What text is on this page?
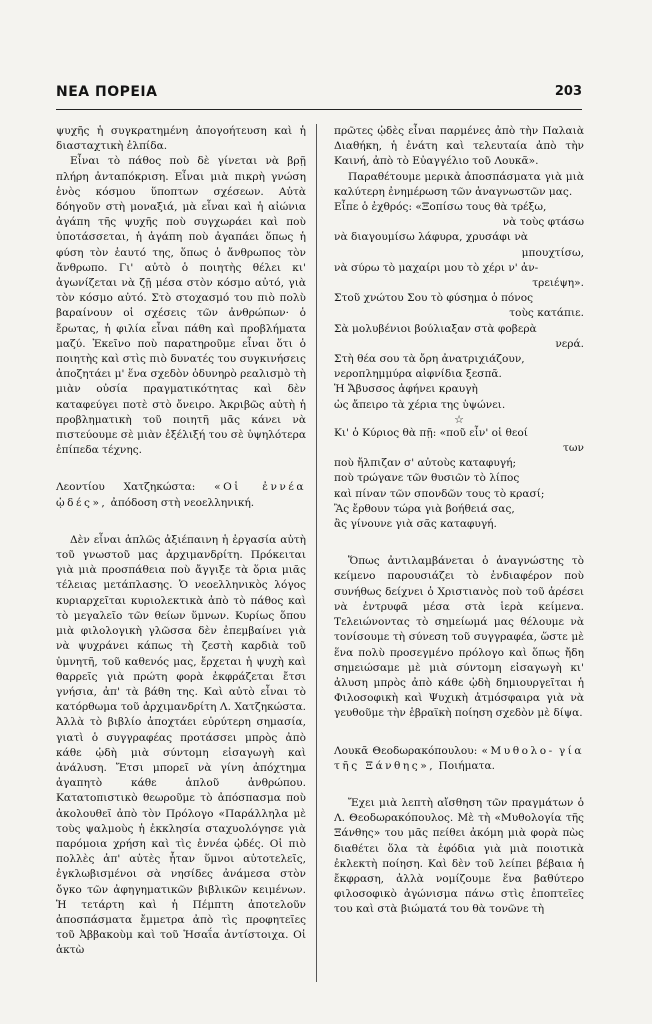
ΝΕΑ ΠΟΡΕΙΑ	203

ψυχῆς ἡ συγκρατημένη ἀπογοήτευση καὶ ἡ διασταχτικὴ ἐλπίδα.

Εἶναι τὸ πάθος ποὺ δὲ γίνεται νὰ βρῇ πλήρη ἀνταπόκριση. Εἶναι μιὰ πικρὴ γνώση ἑνὸς κόσμου ὕποπτων σχέσεων. Αὐτὰ δόηγοῦν στὴ μοναξιά, μὰ εἶναι καὶ ἡ αἰώνια ἀγάπη τῆς ψυχῆς ποὺ συγχωράει καὶ ποὺ ὑποτάσσεται, ἡ ἀγάπη ποὺ ἀγαπάει ὅπως ἡ φύση τὸν ἑαυτό της, ὅπως ὁ ἄνθρωπος τὸν ἄνθρωπο. Γι' αὐτὸ ὁ ποιητὴς θέλει κι' ἀγωνίζεται νὰ ζῇ μέσα στὸν κόσμο αὐτό, γιὰ τὸν κόσμο αὐτό. Στὸ στοχασμό του πιὸ πολὺ βαραίνουν οἱ σχέσεις τῶν ἀνθρώπων· ὁ ἔρωτας, ἡ φιλία εἶναι πάθη καὶ προβλήματα μαζύ. Ἐκεῖνο ποὺ παρατηροῦμε εἶναι ὅτι ὁ ποιητὴς καὶ στὶς πιὸ δυνατές του συγκινήσεις ἀποζητάει μ' ἕνα σχεδὸν ὀδυνηρὸ ρεαλισμὸ τὴ μιὰν οὐσία πραγματικότητας καὶ δὲν καταφεύγει ποτὲ στὸ ὄνειρο. Ἀκριβῶς αὐτὴ ἡ προβληματικὴ τοῦ ποιητῆ μᾶς κάνει νὰ πιστεύουμε σὲ μιὰν ἐξέλιξή του σὲ ὑψηλότερα ἐπίπεδα τέχνης.

Λεοντίου Χατζηκώστα: «Οἱ ἐννέα ᾠδές», ἀπόδοση στὴ νεοελληνική.

Δὲν εἶναι ἁπλῶς ἀξιέπαινη ἡ ἐργασία αὐτὴ τοῦ γνωστοῦ μας ἀρχιμανδρίτη. Πρόκειται γιὰ μιὰ προσπάθεια ποὺ ἄγγιξε τὰ ὅρια μιᾶς τέλειας μετάπλασης. Ὁ νεοελληνικὸς λόγος κυριαρχεῖται κυριολεκτικὰ ἀπὸ τὸ πάθος καὶ τὸ μεγαλεῖο τῶν θείων ὕμνων. Κυρίως ὅπου μιὰ φιλολογικὴ γλῶσσα δὲν ἐπεμβαίνει γιὰ νὰ ψυχράνει κάπως τὴ ζεστὴ καρδιὰ τοῦ ὑμνητῆ, τοῦ καθενός μας, ἔρχεται ἡ ψυχὴ καὶ θαρρεῖς γιὰ πρώτη φορὰ ἐκφράζεται ἔτσι γνήσια, ἀπ' τὰ βάθη της. Καὶ αὐτὸ εἶναι τὸ κατόρθωμα τοῦ ἀρχιμανδρίτη Λ. Χατζηκώστα. Ἀλλὰ τὸ βιβλίο ἀποχτάει εὐρύτερη σημασία, γιατὶ ὁ συγγραφέας προτάσσει μπρὸς ἀπὸ κάθε ᾠδὴ μιὰ σύντομη εἰσαγωγὴ καὶ ἀνάλυση. Ἔτσι μπορεῖ νὰ γίνη ἀπόχτημα ἀγαπητὸ κάθε ἁπλοῦ ἀνθρώπου. Κατατοπιστικὸ θεωροῦμε τὸ ἀπόσπασμα ποὺ ἀκολουθεῖ ἀπὸ τὸν Πρόλογο «Παράλληλα μὲ τοὺς ψαλμοὺς ἡ ἐκκλησία σταχυολόγησε γιὰ παρόμοια χρήση καὶ τὶς ἐννέα ᾠδές. Οἱ πιὸ πολλὲς ἀπ' αὐτὲς ἦταν ὕμνοι αὐτοτελεῖς, ἐγκλωβισμένοι σὰ νησίδες ἀνάμεσα στὸν ὄγκο τῶν ἀφηγηματικῶν βιβλικῶν κειμένων. Ἡ τετάρτη καὶ ἡ Πέμπτη ἀποτελοῦν ἀποσπάσματα ἔμμετρα ἀπὸ τὶς προφητεῖες τοῦ Ἀββακοὺμ καὶ τοῦ Ἡσαΐα ἀντίστοιχα. Οἱ ἀκτὼ

πρῶτες ᾠδὲς εἶναι παρμένες ἀπὸ τὴν Παλαιὰ Διαθήκη, ἡ ἐνάτη καὶ τελευταία ἀπὸ τὴν Καινή, ἀπὸ τὸ Εὐαγγέλιο τοῦ Λουκᾶ».

Παραθέτουμε μερικὰ ἀποσπάσματα γιὰ μιὰ καλύτερη ἐνημέρωση τῶν ἀναγνωστῶν μας.

Εἶπε ὁ ἐχθρός: «Ξοπίσω τους θὰ τρέξω,
νὰ τοὺς φτάσω
νὰ διαγουμίσω λάφυρα, χρυσάφι νὰ
μπουχτίσω,
νὰ σύρω τὸ μαχαίρι μου τὸ χέρι ν' ἀν-
τρειέψη».
Στοῦ χνώτου Σου τὸ φύσημα ὁ πόνος
τοὺς κατάπιε.
Σὰ μολυβένιοι βούλιαξαν στὰ φοβερὰ
νερά.
Στὴ θέα σου τὰ ὄρη ἀνατριχιάζουν,
νεροπλημμύρα αἰφνίδια ξεσπᾶ.
Ἡ Ἄβυσσος ἀφήνει κραυγὴ
ὡς ἄπειρο τὰ χέρια της ὑψώνει.
☆
Κι' ὁ Κύριος θὰ πῇ: «ποῦ εἶν' οἱ θεοί
των
ποὺ ἤλπιζαν σ' αὐτοὺς καταφυγή;
ποὺ τρώγανε τῶν θυσιῶν τὸ λίπος
καὶ πίναν τῶν σπονδῶν τους τὸ κρασί;
Ἂς ἔρθουν τώρα γιὰ βοήθειά σας,
ἂς γίνουνε γιὰ σᾶς καταφυγή.

Ὅπως ἀντιλαμβάνεται ὁ ἀναγνώστης τὸ κείμενο παρουσιάζει τὸ ἐνδιαφέρον ποὺ συνήθως δείχνει ὁ Χριστιανὸς ποὺ τοῦ ἀρέσει νὰ ἐντρυφᾶ μέσα στὰ ἱερὰ κείμενα. Τελειώνοντας τὸ σημείωμά μας θέλουμε νὰ τονίσουμε τὴ σύνεση τοῦ συγγραφέα, ὥστε μὲ ἕνα πολὺ προσεγμένο πρόλογο καὶ ὅπως ἤδη σημειώσαμε μὲ μιὰ σύντομη εἰσαγωγὴ κι' ἀλυση μπρὸς ἀπὸ κάθε ᾠδὴ δημιουργεῖται ἡ Φιλοσοφικὴ καὶ Ψυχικὴ ἀτμόσφαιρα γιὰ νὰ γευθοῦμε τὴν ἑβραϊκὴ ποίηση σχεδὸν μὲ δίψα.

Λουκᾶ Θεοδωρακόπουλου: «Μυθολο- γία τῆς Ξάνθης», Ποιήματα.

Ἔχει μιὰ λεπτὴ αἴσθηση τῶν πραγμάτων ὁ Λ. Θεοδωρακόπουλος. Μὲ τὴ «Μυθολογία τῆς Ξάνθης» του μᾶς πείθει ἀκόμη μιὰ φορὰ πὼς διαθέτει ὅλα τὰ ἐφόδια γιὰ μιὰ ποιοτικὰ ἐκλεκτὴ ποίηση. Καὶ δὲν τοῦ λείπει βέβαια ἡ ἔκφραση, ἀλλὰ νομίζουμε ἕνα βαθύτερο φιλοσοφικὸ ἀγώνισμα πάνω στὶς ἐποπτεῖες του καὶ στὰ βιώματά του θὰ τονῶνε τὴ
